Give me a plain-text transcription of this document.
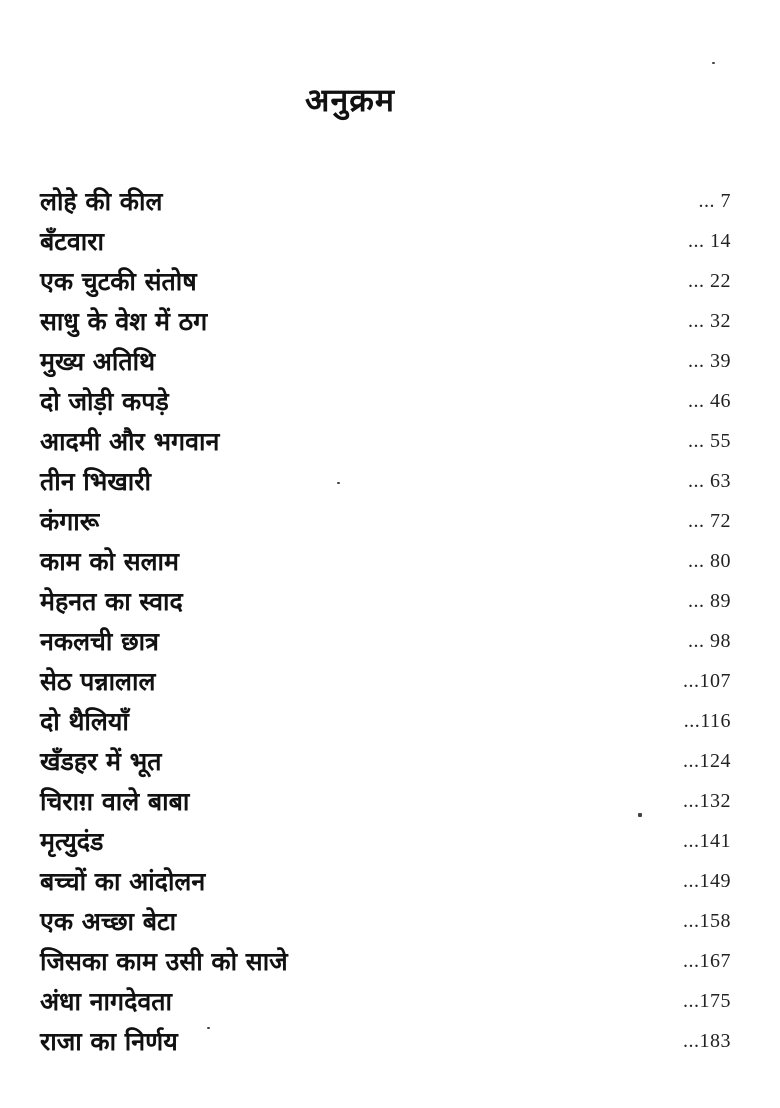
अनुक्रम
लोहे की कील	... 7
बँटवारा	... 14
एक चुटकी संतोष	... 22
साधु के वेश में ठग	... 32
मुख्य अतिथि	... 39
दो जोड़ी कपड़े	... 46
आदमी और भगवान	... 55
तीन भिखारी	... 63
कंगारू	... 72
काम को सलाम	... 80
मेहनत का स्वाद	... 89
नकलची छात्र	... 98
सेठ पन्नालाल	...107
दो थैलियाँ	...116
खँडहर में भूत	...124
चिराग़ वाले बाबा	...132
मृत्युदंड	...141
बच्चों का आंदोलन	...149
एक अच्छा बेटा	...158
जिसका काम उसी को साजे	...167
अंधा नागदेवता	...175
राजा का निर्णय	...183
